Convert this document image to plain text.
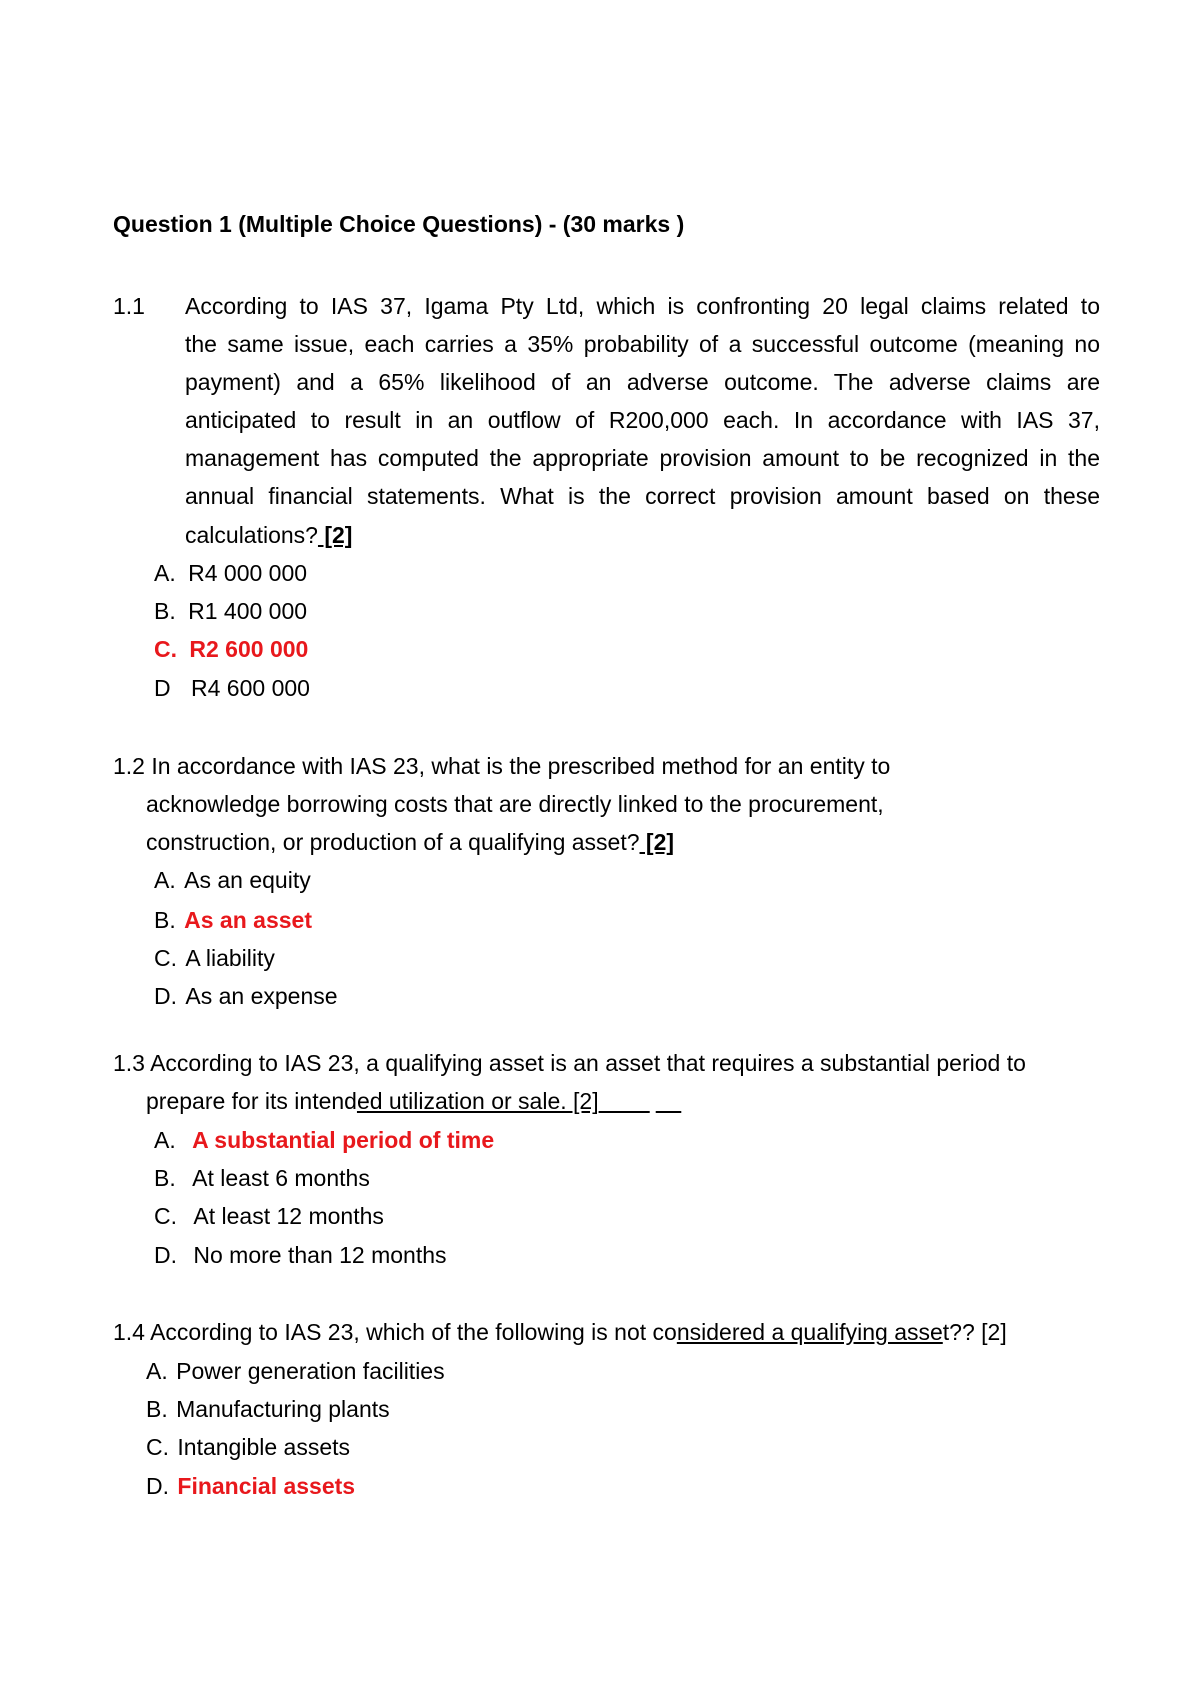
Question 1 (Multiple Choice Questions) - (30 marks )
1.1 According to IAS 37, Igama Pty Ltd, which is confronting 20 legal claims related to
the same issue, each carries a 35% probability of a successful outcome (meaning no
payment) and a 65% likelihood of an adverse outcome. The adverse claims are
anticipated to result in an outflow of R200,000 each. In accordance with IAS 37,
management has computed the appropriate provision amount to be recognized in the
annual financial statements. What is the correct provision amount based on these
calculations? [2]
A. R4 000 000
B. R1 400 000
C. R2 600 000
D R4 600 000
1.2 In accordance with IAS 23, what is the prescribed method for an entity to
acknowledge borrowing costs that are directly linked to the procurement,
construction, or production of a qualifying asset? [2]
A. As an equity
B. As an asset
C. A liability
D. As an expense
1.3 According to IAS 23, a qualifying asset is an asset that requires a substantial period to
prepare for its intended utilization or sale. [2]
A. A substantial period of time
B. At least 6 months
C. At least 12 months
D. No more than 12 months
1.4 According to IAS 23, which of the following is not considered a qualifying asset?? [2]
A. Power generation facilities
B. Manufacturing plants
C. Intangible assets
D. Financial assets
